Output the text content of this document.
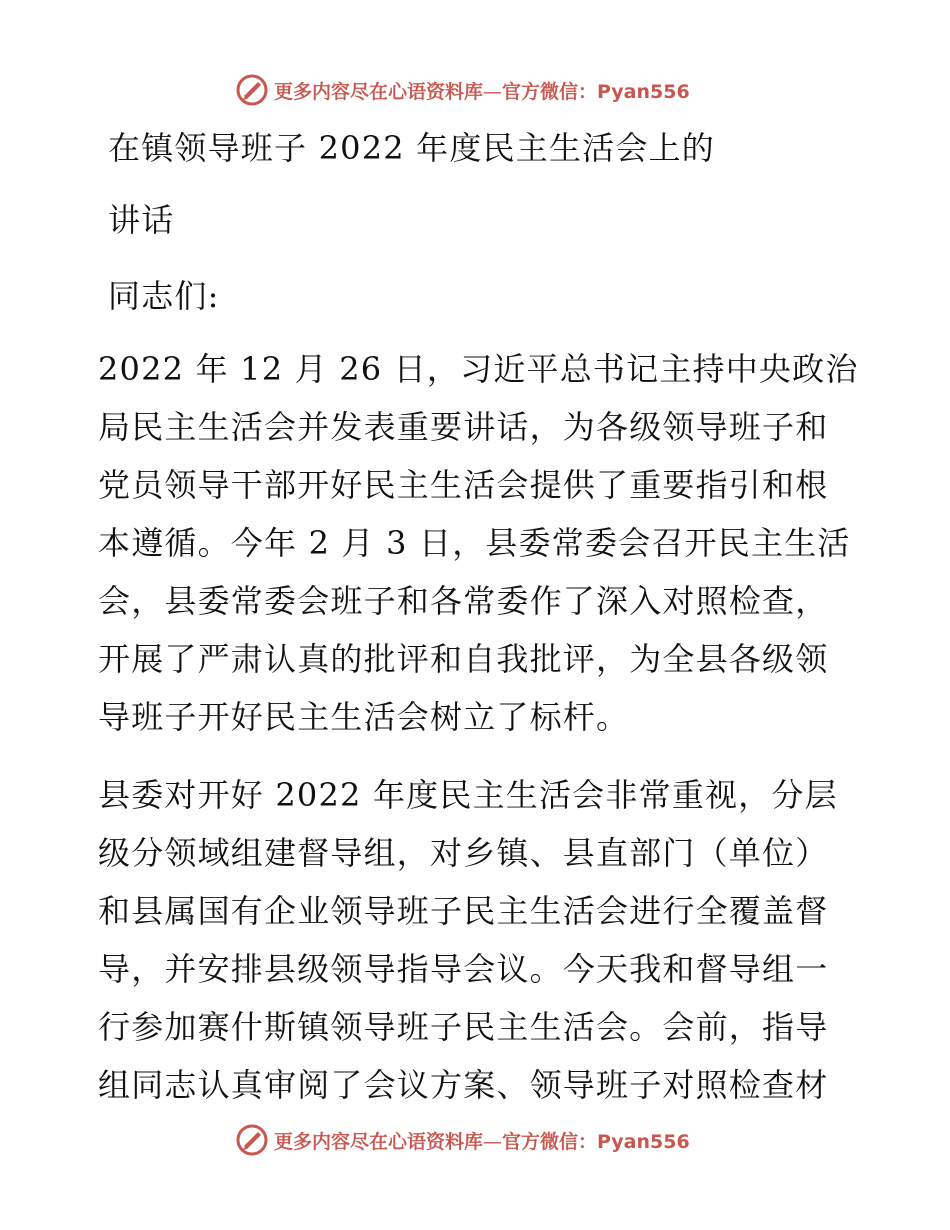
更多内容尽在心语资料库—官方微信：Pyan556
在镇领导班子 2022 年度民主生活会上的
讲话
同志们:
2022 年 12 月 26 日，习近平总书记主持中央政治
局民主生活会并发表重要讲话，为各级领导班子和
党员领导干部开好民主生活会提供了重要指引和根
本遵循。今年 2 月 3 日，县委常委会召开民主生活
会，县委常委会班子和各常委作了深入对照检查，
开展了严肃认真的批评和自我批评，为全县各级领
导班子开好民主生活会树立了标杆。
县委对开好 2022 年度民主生活会非常重视，分层
级分领域组建督导组，对乡镇、县直部门（单位）
和县属国有企业领导班子民主生活会进行全覆盖督
导，并安排县级领导指导会议。今天我和督导组一
行参加赛什斯镇领导班子民主生活会。会前，指导
组同志认真审阅了会议方案、领导班子对照检查材
更多内容尽在心语资料库—官方微信：Pyan556
